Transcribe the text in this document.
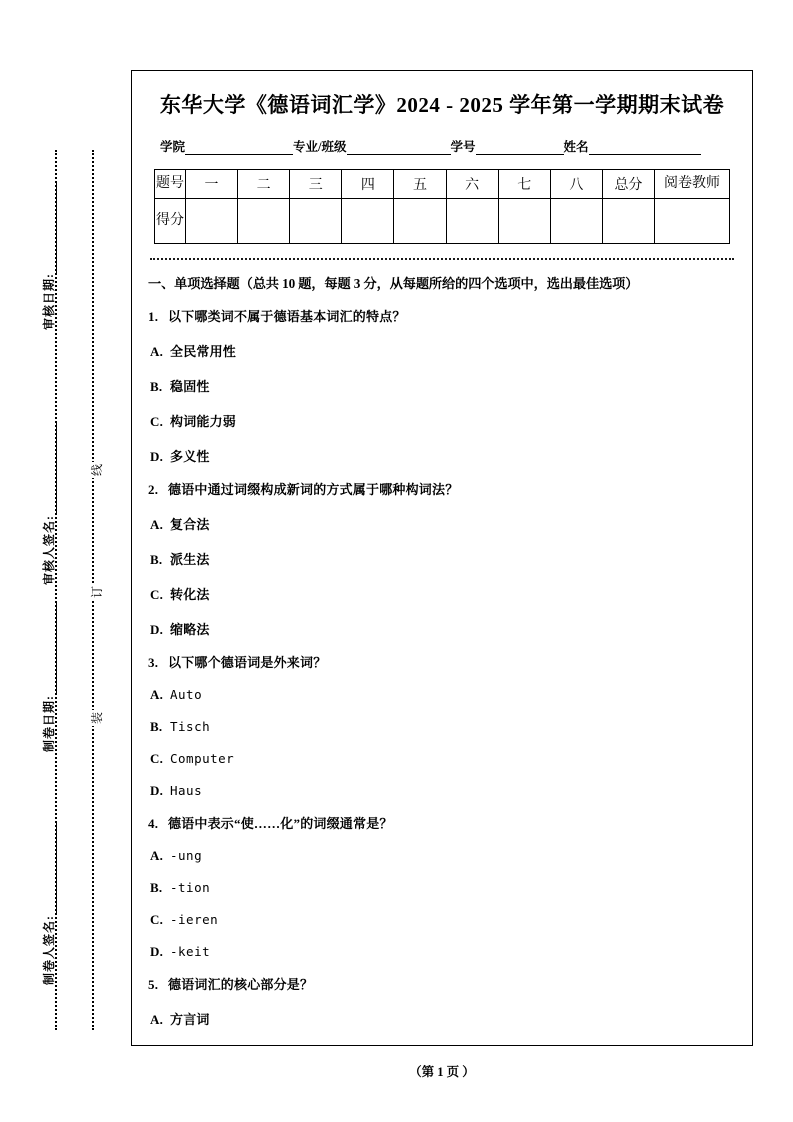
审核日期:
审核人签名:
制卷日期:
制卷人签名:
线
订
装
东华大学《德语词汇学》2024 - 2025 学年第一学期期末试卷
学院	专业/班级	学号	姓名
题号	一	二	三	四	五	六	七	八	总分	阅卷教师
得分										
一、单项选择题（总共 10 题，每题 3 分，从每题所给的四个选项中，选出最佳选项）
1. 以下哪类词不属于德语基本词汇的特点？
A. 全民常用性
B. 稳固性
C. 构词能力弱
D. 多义性
2. 德语中通过词缀构成新词的方式属于哪种构词法？
A. 复合法
B. 派生法
C. 转化法
D. 缩略法
3. 以下哪个德语词是外来词？
A. Auto
B. Tisch
C. Computer
D. Haus
4. 德语中表示“使……化”的词缀通常是？
A. -ung
B. -tion
C. -ieren
D. -keit
5. 德语词汇的核心部分是？
A. 方言词
（第 1 页 ）
